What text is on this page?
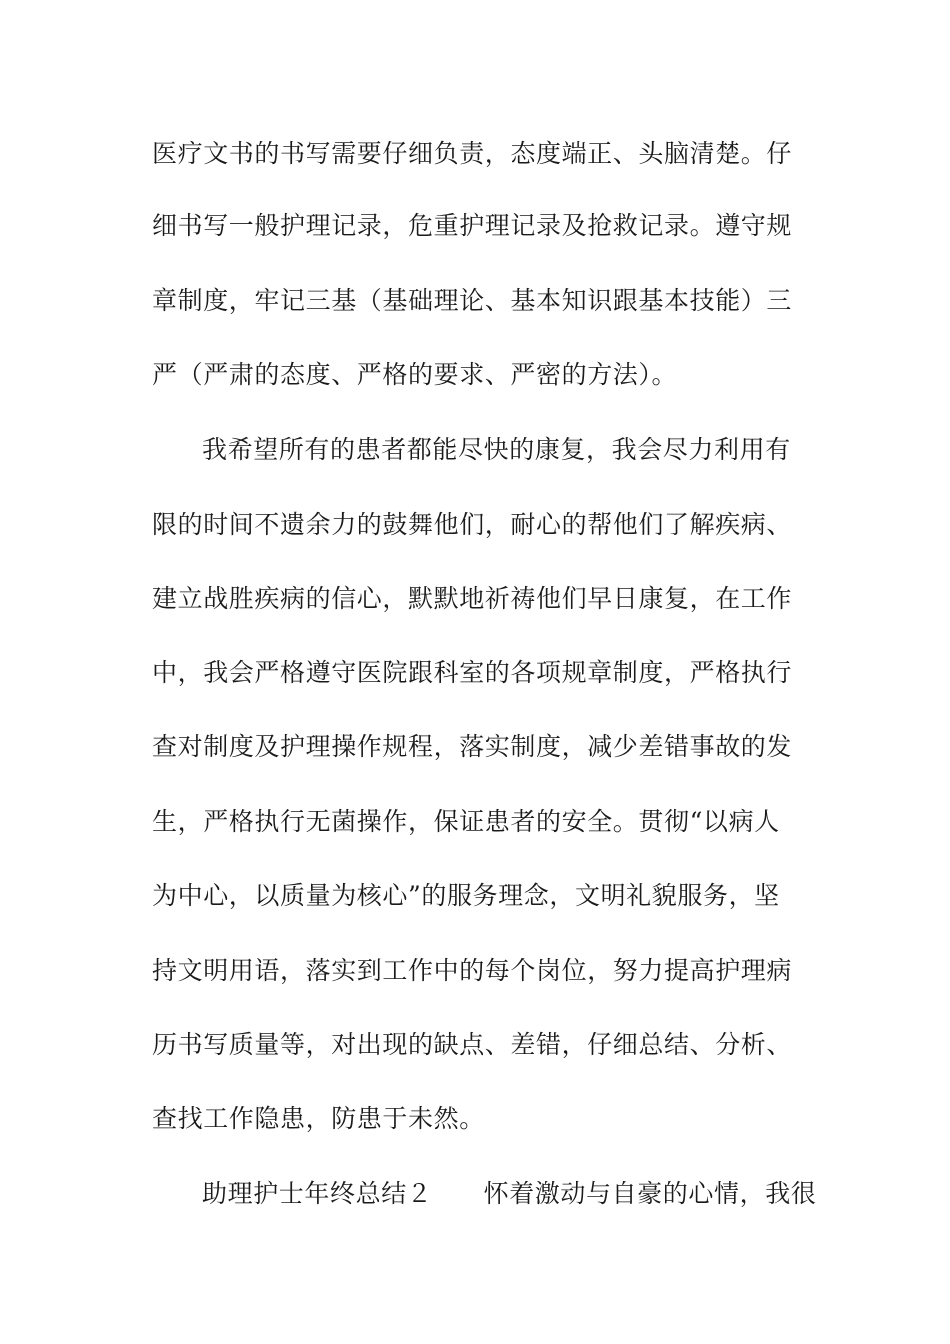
医疗文书的书写需要仔细负责，态度端正、头脑清楚。仔
细书写一般护理记录，危重护理记录及抢救记录。遵守规
章制度，牢记三基（基础理论、基本知识跟基本技能）三
严（严肃的态度、严格的要求、严密的方法）。
我希望所有的患者都能尽快的康复，我会尽力利用有
限的时间不遗余力的鼓舞他们，耐心的帮他们了解疾病、
建立战胜疾病的信心，默默地祈祷他们早日康复，在工作
中，我会严格遵守医院跟科室的各项规章制度，严格执行
查对制度及护理操作规程，落实制度，减少差错事故的发
生，严格执行无菌操作，保证患者的安全。贯彻“以病人
为中心，以质量为核心”的服务理念，文明礼貌服务，坚
持文明用语，落实到工作中的每个岗位，努力提高护理病
历书写质量等，对出现的缺点、差错，仔细总结、分析、
查找工作隐患，防患于未然。
助理护士年终总结２　　怀着激动与自豪的心情，我很
